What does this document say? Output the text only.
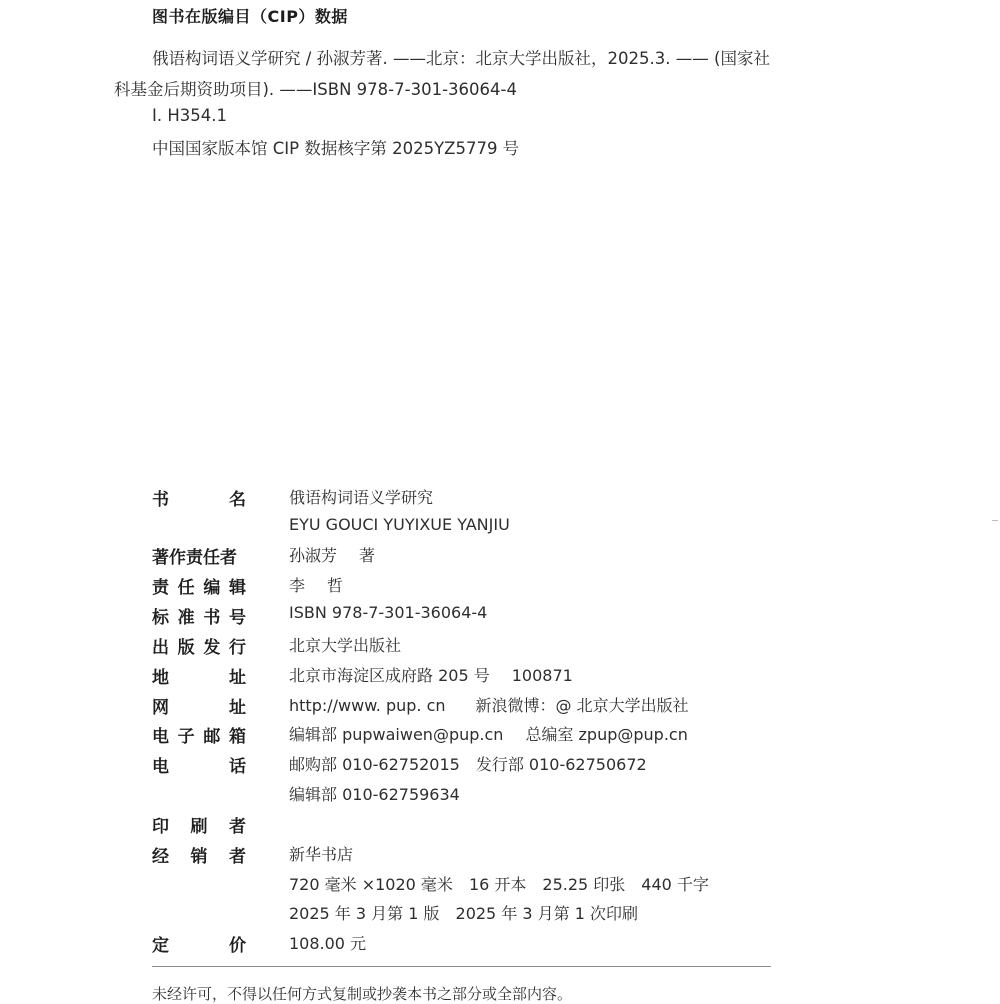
图书在版编目（CIP）数据
俄语构词语义学研究 / 孙淑芳著. ——北京：北京大学出版社，2025.3. —— (国家社
科基金后期资助项目). ——ISBN 978-7-301-36064-4
Ⅰ. H354.1
中国国家版本馆 CIP 数据核字第 2025YZ5779 号
书	名	俄语构词语义学研究
EYU GOUCI YUYIXUE YANJIU
著作责任者	孙淑芳 著
责 任 编 辑	李 哲
标 准 书 号	ISBN 978-7-301-36064-4
出 版 发 行	北京大学出版社
地	址	北京市海淀区成府路 205 号 100871
网	址	http://www. pup. cn 新浪微博：@ 北京大学出版社
电 子 邮 箱	编辑部 pupwaiwen@pup.cn 总编室 zpup@pup.cn
电	话	邮购部 010-62752015 发行部 010-62750672
编辑部 010-62759634
印 刷 者
经 销 者	新华书店
720 毫米 ×1020 毫米 16 开本 25.25 印张 440 千字
2025 年 3 月第 1 版 2025 年 3 月第 1 次印刷
定	价	108.00 元
未经许可，不得以任何方式复制或抄袭本书之部分或全部内容。
